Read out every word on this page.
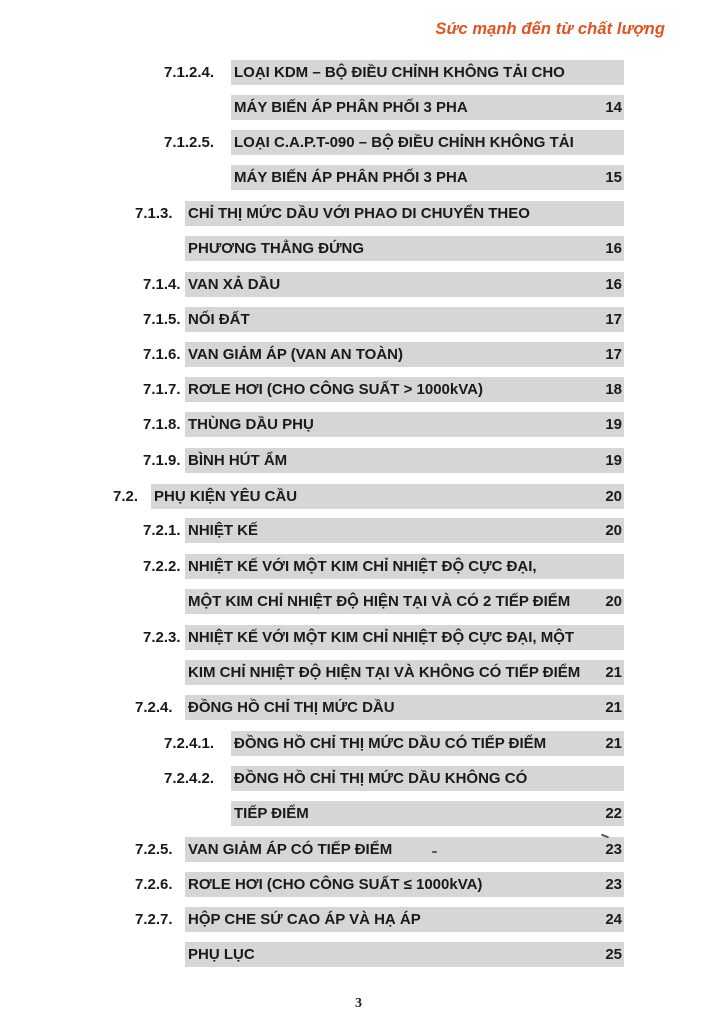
Sức mạnh đến từ chất lượng
7.1.2.4. LOẠI KDM – BỘ ĐIỀU CHỈNH KHÔNG TẢI CHO
MÁY BIẾN ÁP PHÂN PHỐI 3 PHA	14
7.1.2.5. LOẠI C.A.P.T-090 – BỘ ĐIỀU CHỈNH KHÔNG TẢI
MÁY BIẾN ÁP PHÂN PHỐI 3 PHA	15
7.1.3. CHỈ THỊ MỨC DẦU VỚI PHAO DI CHUYỂN THEO
PHƯƠNG THẲNG ĐỨNG	16
7.1.4. VAN XẢ DẦU	16
7.1.5. NỐI ĐẤT	17
7.1.6. VAN GIẢM ÁP (VAN AN TOÀN)	17
7.1.7. RƠLE HƠI (CHO CÔNG SUẤT > 1000kVA)	18
7.1.8. THÙNG DẦU PHỤ	19
7.1.9. BÌNH HÚT ẨM	19
7.2. PHỤ KIỆN YÊU CẦU	20
7.2.1. NHIỆT KẾ	20
7.2.2. NHIỆT KẾ VỚI MỘT KIM CHỈ NHIỆT ĐỘ CỰC ĐẠI,
MỘT KIM CHỈ NHIỆT ĐỘ HIỆN TẠI VÀ CÓ 2 TIẾP ĐIỂM 20
7.2.3. NHIỆT KẾ VỚI MỘT KIM CHỈ NHIỆT ĐỘ CỰC ĐẠI, MỘT
KIM CHỈ NHIỆT ĐỘ HIỆN TẠI VÀ KHÔNG CÓ TIẾP ĐIỂM 21
7.2.4. ĐỒNG HỒ CHỈ THỊ MỨC DẦU	21
7.2.4.1. ĐỒNG HỒ CHỈ THỊ MỨC DẦU CÓ TIẾP ĐIỂM	21
7.2.4.2. ĐỒNG HỒ CHỈ THỊ MỨC DẦU KHÔNG CÓ
TIẾP ĐIỂM	22
7.2.5. VAN GIẢM ÁP CÓ TIẾP ĐIỂM	23
7.2.6. RƠLE HƠI (CHO CÔNG SUẤT ≤ 1000kVA)	23
7.2.7. HỘP CHE SỨ CAO ÁP VÀ HẠ ÁP	24
PHỤ LỤC	25
3
